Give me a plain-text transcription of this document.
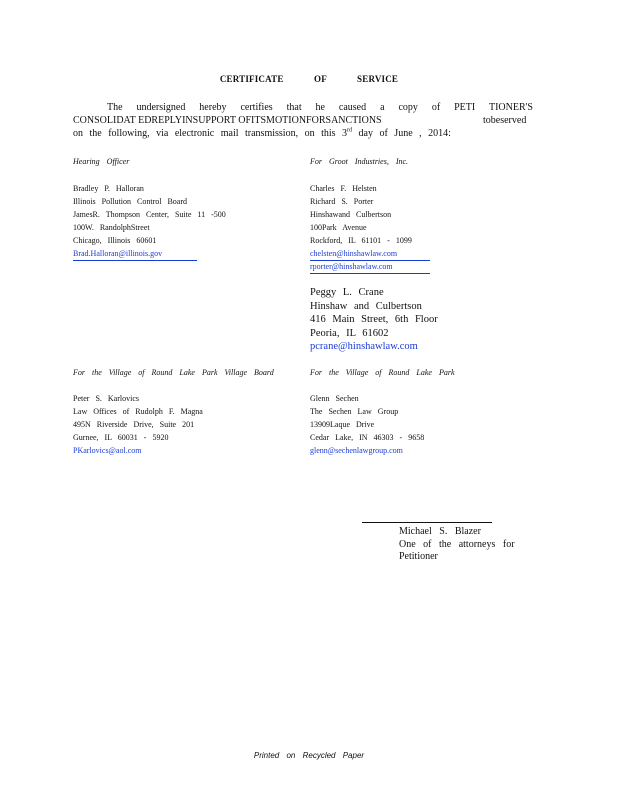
CERTIFICATE OF SERVICE
The undersigned hereby certifies that he caused a copy of PETI TIONER'S
CONSOLIDAT EDREPLYINSUPPORT OFITSMOTIONFORSANCTIONS	tobeserved
on the following, via electronic mail transmission, on this 3rd day of June , 2014:
Hearing Officer
Bradley P. Halloran
Illinois Pollution Control Board
JamesR. Thompson Center, Suite 11 -500
100W. RandolphStreet
Chicago, Illinois 60601
Brad.Halloran@illinois.gov
For Groot Industries, Inc.
Charles F. Helsten
Richard S. Porter
Hinshawand Culbertson
100Park Avenue
Rockford, IL 61101 - 1099
chelsten@hinshawlaw.com
rporter@hinshawlaw.com
Peggy L. Crane
Hinshaw and Culbertson
416 Main Street, 6th Floor
Peoria, IL 61602
pcrane@hinshawlaw.com
For the Village of Round Lake Park Village Board
Peter S. Karlovics
Law Offices of Rudolph F. Magna
495N Riverside Drive, Suite 201
Gurnee, IL 60031 - 5920
PKarlovics@aol.com
For the Village of Round Lake Park
Glenn Sechen
The Sechen Law Group
13909Laque Drive
Cedar Lake, IN 46303 - 9658
glenn@sechenlawgroup.com
Michael S. Blazer
One of the attorneys for
Petitioner
Printed on Recycled Paper
